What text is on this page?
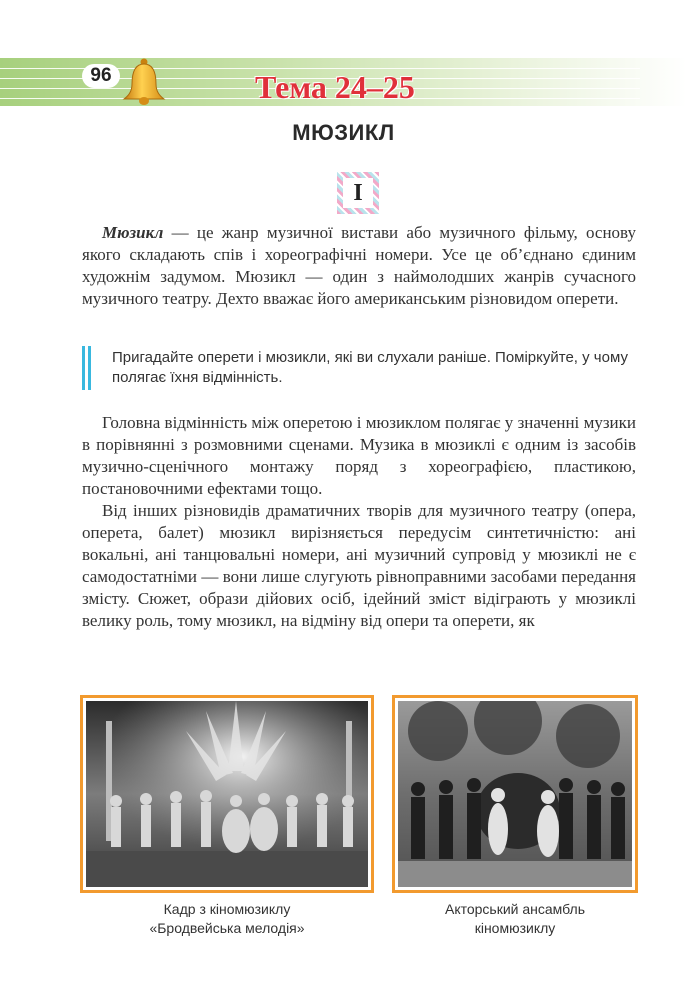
96	Тема 24–25
МЮЗИКЛ
І

Мюзикл — це жанр музичної вистави або музичного фільму, основу якого складають спів і хореографічні номери. Усе це об’єднано єдиним художнім задумом. Мюзикл — один з наймолодших жанрів сучасного музичного театру. Дехто вважає його американським різновидом оперети.

Пригадайте оперети і мюзикли, які ви слухали раніше. Поміркуйте, у чому полягає їхня відмінність.

Головна відмінність між оперетою і мюзиклом полягає у значенні музики в порівнянні з розмовними сценами. Музика в мюзиклі є одним із засобів музично-сценічного монтажу поряд з хореографією, пластикою, постановочними ефектами тощо.

Від інших різновидів драматичних творів для музичного театру (опера, оперета, балет) мюзикл вирізняється передусім синтетичністю: ані вокальні, ані танцювальні номери, ані музичний супровід у мюзиклі не є самодостатніми — вони лише слугують рівноправними засобами передання змісту. Сюжет, образи дійових осіб, ідейний зміст відіграють у мюзиклі велику роль, тому мюзикл, на відміну від опери та оперети, як

Кадр з кіномюзиклу
«Бродвейська мелодія»
Акторський ансамбль
кіномюзиклу
